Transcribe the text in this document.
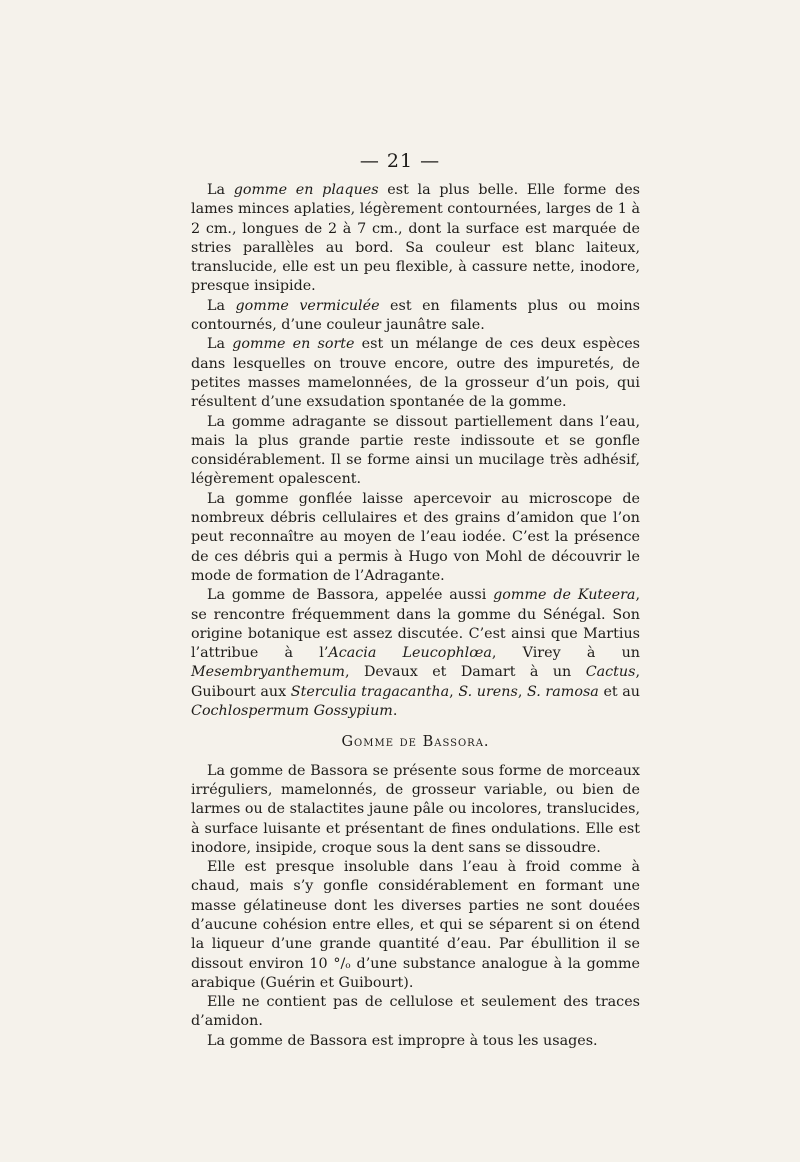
— 21 —

La gomme en plaques est la plus belle. Elle forme des lames minces aplaties, légèrement contournées, larges de 1 à 2 cm., longues de 2 à 7 cm., dont la surface est marquée de stries parallèles au bord. Sa couleur est blanc laiteux, translucide, elle est un peu flexible, à cassure nette, inodore, presque insipide.

La gomme vermiculée est en filaments plus ou moins contournés, d’une couleur jaunâtre sale.

La gomme en sorte est un mélange de ces deux espèces dans lesquelles on trouve encore, outre des impuretés, de petites masses mamelonnées, de la grosseur d’un pois, qui résultent d’une exsudation spontanée de la gomme.

La gomme adragante se dissout partiellement dans l’eau, mais la plus grande partie reste indissoute et se gonfle considérablement. Il se forme ainsi un mucilage très adhésif, légèrement opalescent.

La gomme gonflée laisse apercevoir au microscope de nombreux débris cellulaires et des grains d’amidon que l’on peut reconnaître au moyen de l’eau iodée. C’est la présence de ces débris qui a permis à Hugo von Mohl de découvrir le mode de formation de l’Adragante.

La gomme de Bassora, appelée aussi gomme de Kuteera, se rencontre fréquemment dans la gomme du Sénégal. Son origine botanique est assez discutée. C’est ainsi que Martius l’attribue à l’Acacia Leucophlœa, Virey à un Mesembryanthemum, Devaux et Damart à un Cactus, Guibourt aux Sterculia tragacantha, S. urens, S. ramosa et au Cochlospermum Gossypium.

Gomme de Bassora.

La gomme de Bassora se présente sous forme de morceaux irréguliers, mamelonnés, de grosseur variable, ou bien de larmes ou de stalactites jaune pâle ou incolores, translucides, à surface luisante et présentant de fines ondulations. Elle est inodore, insipide, croque sous la dent sans se dissoudre.

Elle est presque insoluble dans l’eau à froid comme à chaud, mais s’y gonfle considérablement en formant une masse gélatineuse dont les diverses parties ne sont douées d’aucune cohésion entre elles, et qui se séparent si on étend la liqueur d’une grande quantité d’eau. Par ébullition il se dissout environ 10 °/ₒ d’une substance analogue à la gomme arabique (Guérin et Guibourt).

Elle ne contient pas de cellulose et seulement des traces d’amidon.

La gomme de Bassora est impropre à tous les usages.
